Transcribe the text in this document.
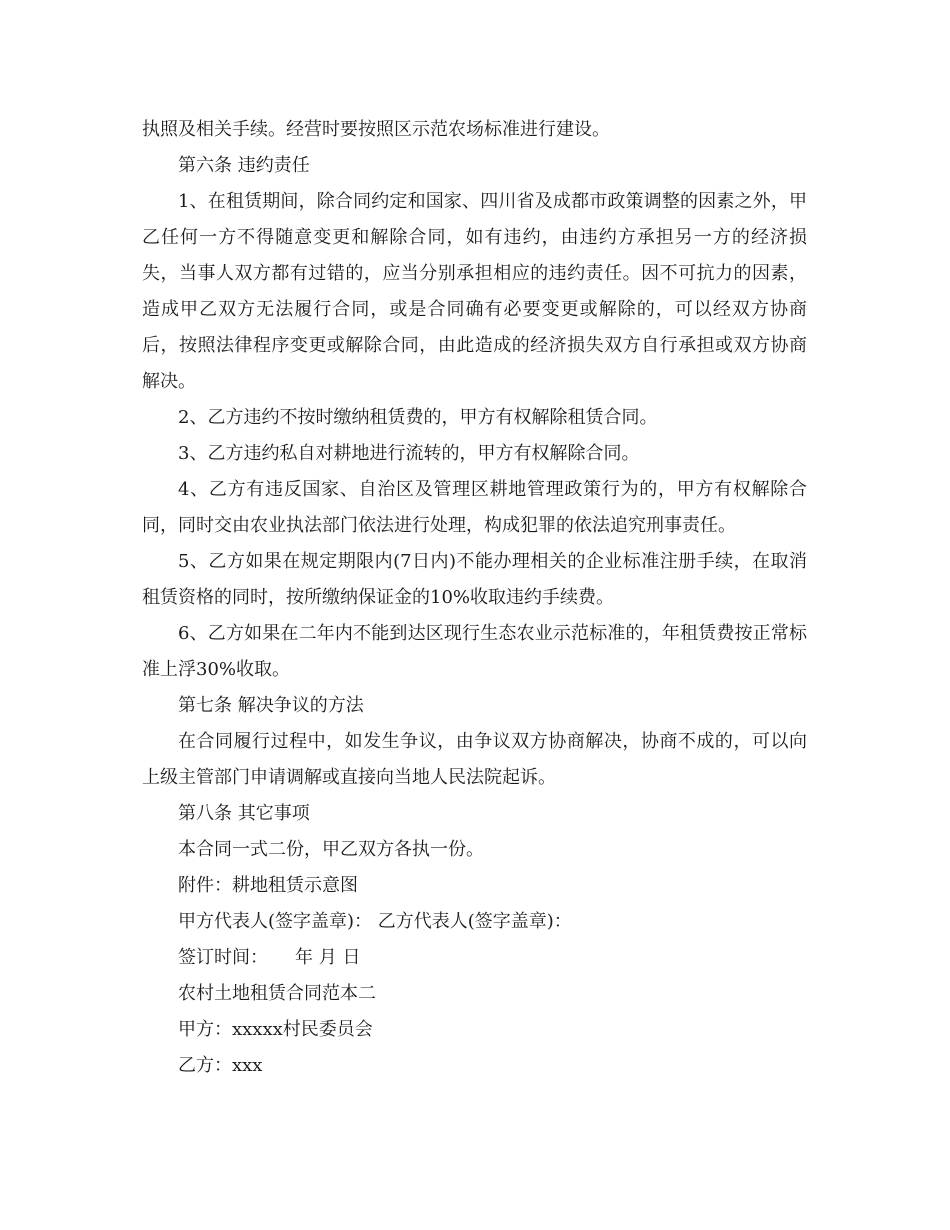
执照及相关手续。经营时要按照区示范农场标准进行建设。

第六条 违约责任

1、在租赁期间，除合同约定和国家、四川省及成都市政策调整的因素之外，甲乙任何一方不得随意变更和解除合同，如有违约，由违约方承担另一方的经济损失，当事人双方都有过错的，应当分别承担相应的违约责任。因不可抗力的因素，造成甲乙双方无法履行合同，或是合同确有必要变更或解除的，可以经双方协商后，按照法律程序变更或解除合同，由此造成的经济损失双方自行承担或双方协商解决。

2、乙方违约不按时缴纳租赁费的，甲方有权解除租赁合同。

3、乙方违约私自对耕地进行流转的，甲方有权解除合同。

4、乙方有违反国家、自治区及管理区耕地管理政策行为的，甲方有权解除合同，同时交由农业执法部门依法进行处理，构成犯罪的依法追究刑事责任。

5、乙方如果在规定期限内(7日内)不能办理相关的企业标准注册手续，在取消租赁资格的同时，按所缴纳保证金的10%收取违约手续费。

6、乙方如果在二年内不能到达区现行生态农业示范标准的，年租赁费按正常标准上浮30%收取。

第七条 解决争议的方法

在合同履行过程中，如发生争议，由争议双方协商解决，协商不成的，可以向上级主管部门申请调解或直接向当地人民法院起诉。

第八条 其它事项

本合同一式二份，甲乙双方各执一份。

附件：耕地租赁示意图

甲方代表人(签字盖章)： 乙方代表人(签字盖章)：

签订时间：　　年 月 日

农村土地租赁合同范本二

甲方：xxxxx村民委员会

乙方：xxx
